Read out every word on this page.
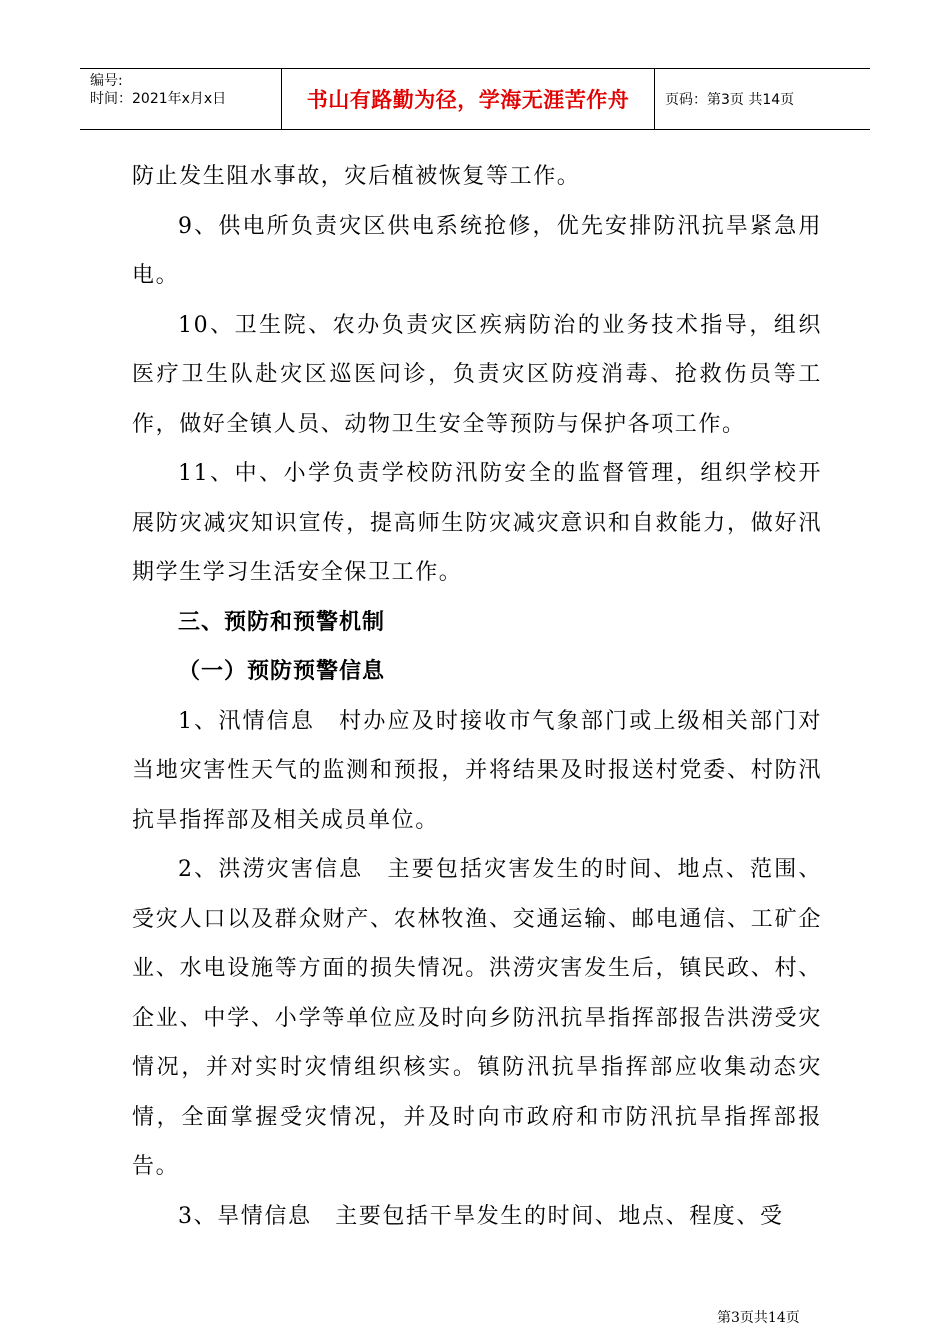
编号:
时间：2021年x月x日	书山有路勤为径，学海无涯苦作舟	页码：第3页 共14页

防止发生阻水事故，灾后植被恢复等工作。

9、供电所负责灾区供电系统抢修，优先安排防汛抗旱紧急用电。

10、卫生院、农办负责灾区疾病防治的业务技术指导，组织医疗卫生队赴灾区巡医问诊，负责灾区防疫消毒、抢救伤员等工作，做好全镇人员、动物卫生安全等预防与保护各项工作。

11、中、小学负责学校防汛防安全的监督管理，组织学校开展防灾减灾知识宣传，提高师生防灾减灾意识和自救能力，做好汛期学生学习生活安全保卫工作。

三、预防和预警机制

（一）预防预警信息

1、汛情信息　村办应及时接收市气象部门或上级相关部门对当地灾害性天气的监测和预报，并将结果及时报送村党委、村防汛抗旱指挥部及相关成员单位。

2、洪涝灾害信息　主要包括灾害发生的时间、地点、范围、受灾人口以及群众财产、农林牧渔、交通运输、邮电通信、工矿企业、水电设施等方面的损失情况。洪涝灾害发生后，镇民政、村、企业、中学、小学等单位应及时向乡防汛抗旱指挥部报告洪涝受灾情况，并对实时灾情组织核实。镇防汛抗旱指挥部应收集动态灾情，全面掌握受灾情况，并及时向市政府和市防汛抗旱指挥部报告。

3、旱情信息　主要包括干旱发生的时间、地点、程度、受

第3页共14页
